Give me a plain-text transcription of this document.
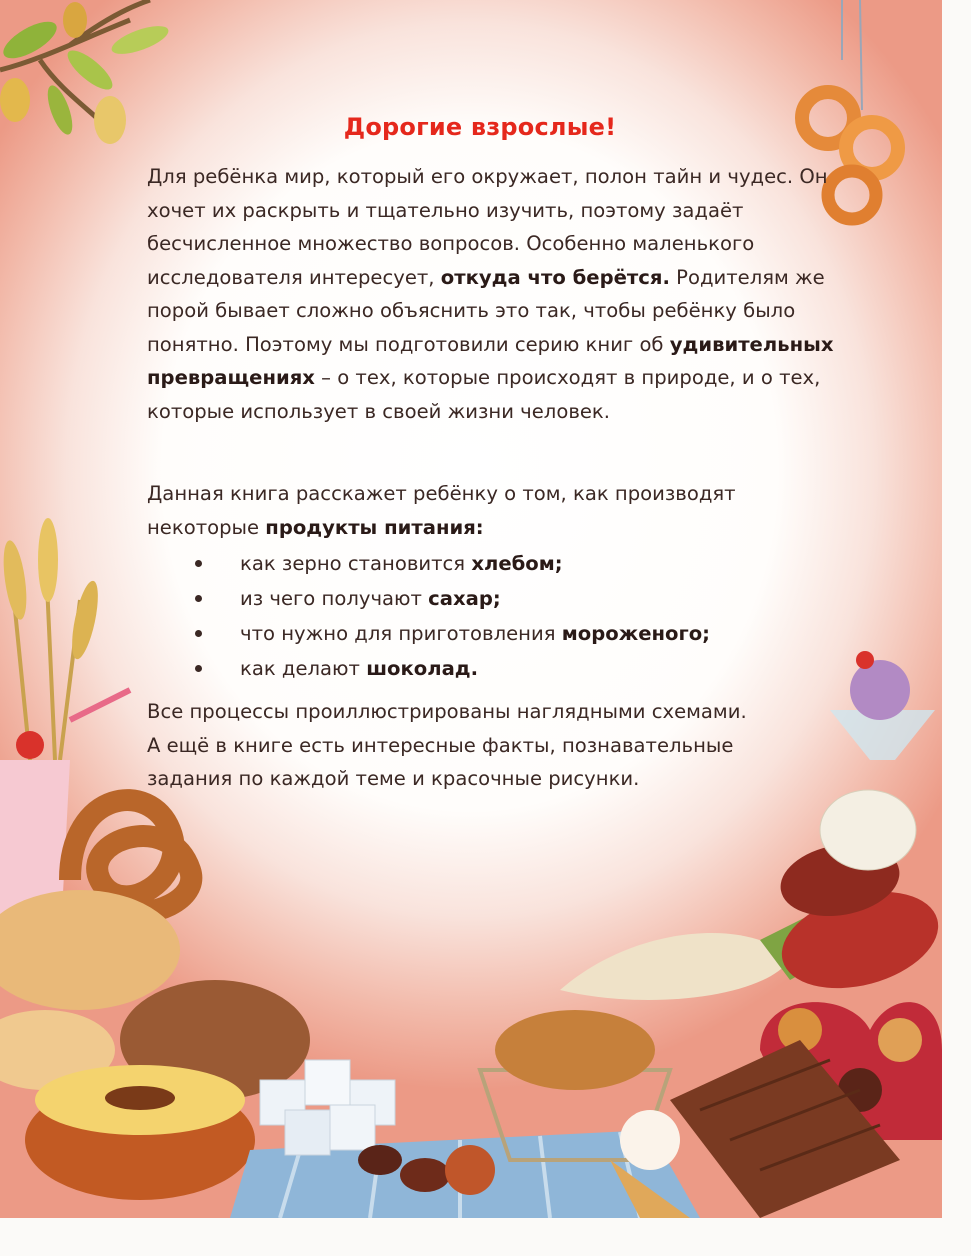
Дорогие взрослые!

Для ребёнка мир, который его окружает, полон тайн и чудес. Он хочет их раскрыть и тщательно изучить, поэтому задаёт бесчисленное множество вопросов. Особенно маленького исследователя интересует, откуда что берётся. Родителям же порой бывает сложно объяснить это так, чтобы ребёнку было понятно. Поэтому мы подготовили серию книг об удивительных превращениях – о тех, которые происходят в природе, и о тех, которые использует в своей жизни человек.

Данная книга расскажет ребёнку о том, как производят некоторые продукты питания:

как зерно становится хлебом;
из чего получают сахар;
что нужно для приготовления мороженого;
как делают шоколад.

Все процессы проиллюстрированы наглядными схемами.

А ещё в книге есть интересные факты, познавательные

задания по каждой теме и красочные рисунки.
